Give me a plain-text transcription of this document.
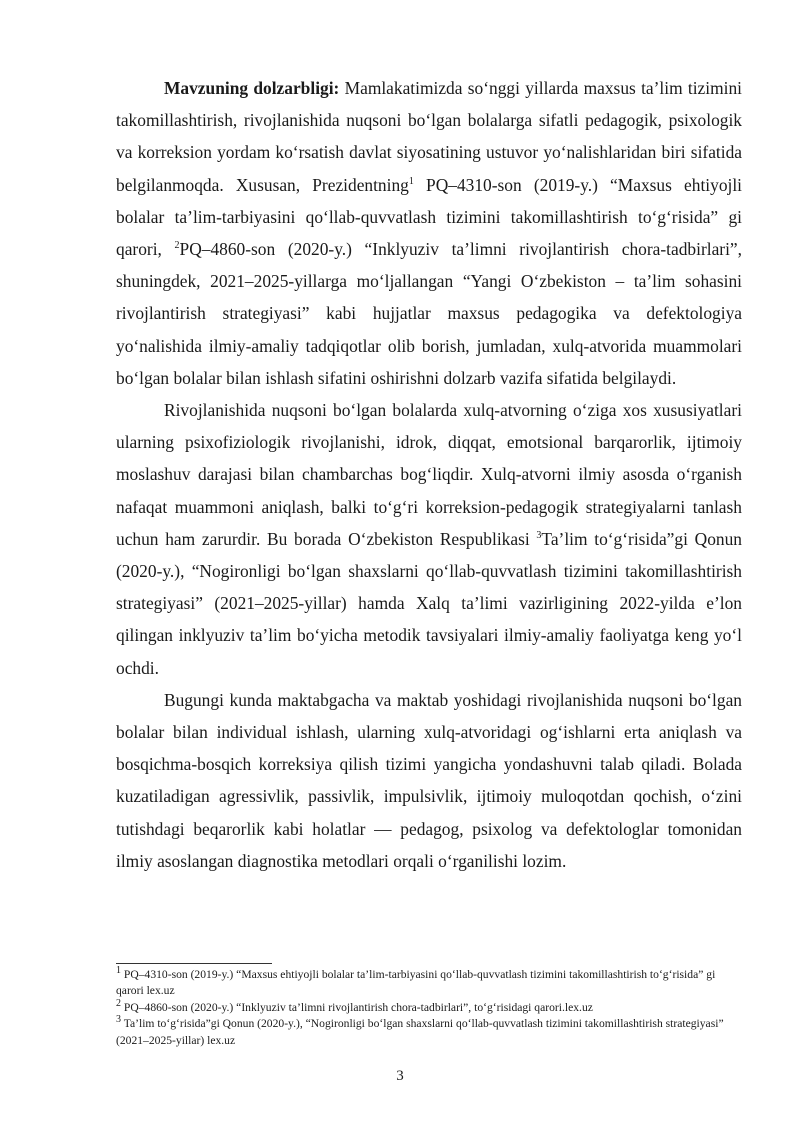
Mavzuning dolzarbligi: Mamlakatimizda so‘nggi yillarda maxsus ta’lim tizimini takomillashtirish, rivojlanishida nuqsoni bo‘lgan bolalarga sifatli pedagogik, psixologik va korreksion yordam ko‘rsatish davlat siyosatining ustuvor yo‘nalishlaridan biri sifatida belgilanmoqda. Xususan, Prezidentning$^1$ PQ–4310-son (2019-y.) “Maxsus ehtiyojli bolalar ta’lim-tarbiyasini qo‘llab-quvvatlash tizimini takomillashtirish to‘g‘risida” gi qarori, $^2$PQ–4860-son (2020-y.) “Inklyuziv ta’limni rivojlantirish chora-tadbirlari”, shuningdek, 2021–2025-yillarga mo‘ljallangan “Yangi O‘zbekiston – ta’lim sohasini rivojlantirish strategiyasi” kabi hujjatlar maxsus pedagogika va defektologiya yo‘nalishida ilmiy-amaliy tadqiqotlar olib borish, jumladan, xulq-atvorida muammolari bo‘lgan bolalar bilan ishlash sifatini oshirishni dolzarb vazifa sifatida belgilaydi.

Rivojlanishida nuqsoni bo‘lgan bolalarda xulq-atvorning o‘ziga xos xususiyatlari ularning psixofiziologik rivojlanishi, idrok, diqqat, emotsional barqarorlik, ijtimoiy moslashuv darajasi bilan chambarchas bog‘liqdir. Xulq-atvorni ilmiy asosda o‘rganish nafaqat muammoni aniqlash, balki to‘g‘ri korreksion-pedagogik strategiyalarni tanlash uchun ham zarurdir. Bu borada O‘zbekiston Respublikasi $^3$Ta’lim to‘g‘risida”gi Qonun (2020-y.), “Nogironligi bo‘lgan shaxslarni qo‘llab-quvvatlash tizimini takomillashtirish strategiyasi” (2021–2025-yillar) hamda Xalq ta’limi vazirligining 2022-yilda e’lon qilingan inklyuziv ta’lim bo‘yicha metodik tavsiyalari ilmiy-amaliy faoliyatga keng yo‘l ochdi.

Bugungi kunda maktabgacha va maktab yoshidagi rivojlanishida nuqsoni bo‘lgan bolalar bilan individual ishlash, ularning xulq-atvoridagi og‘ishlarni erta aniqlash va bosqichma-bosqich korreksiya qilish tizimi yangicha yondashuvni talab qiladi. Bolada kuzatiladigan agressivlik, passivlik, impulsivlik, ijtimoiy muloqotdan qochish, o‘zini tutishdagi beqarorlik kabi holatlar — pedagog, psixolog va defektologlar tomonidan ilmiy asoslangan diagnostika metodlari orqali o‘rganilishi lozim.

$^1$ PQ–4310-son (2019-y.) “Maxsus ehtiyojli bolalar ta’lim-tarbiyasini qo‘llab-quvvatlash tizimini takomillashtirish to‘g‘risida” gi qarori lex.uz
$^2$ PQ–4860-son (2020-y.) “Inklyuziv ta’limni rivojlantirish chora-tadbirlari”, to‘g‘risidagi qarori.lex.uz
$^3$ Ta’lim to‘g‘risida”gi Qonun (2020-y.), “Nogironligi bo‘lgan shaxslarni qo‘llab-quvvatlash tizimini takomillashtirish strategiyasi” (2021–2025-yillar) lex.uz
3
